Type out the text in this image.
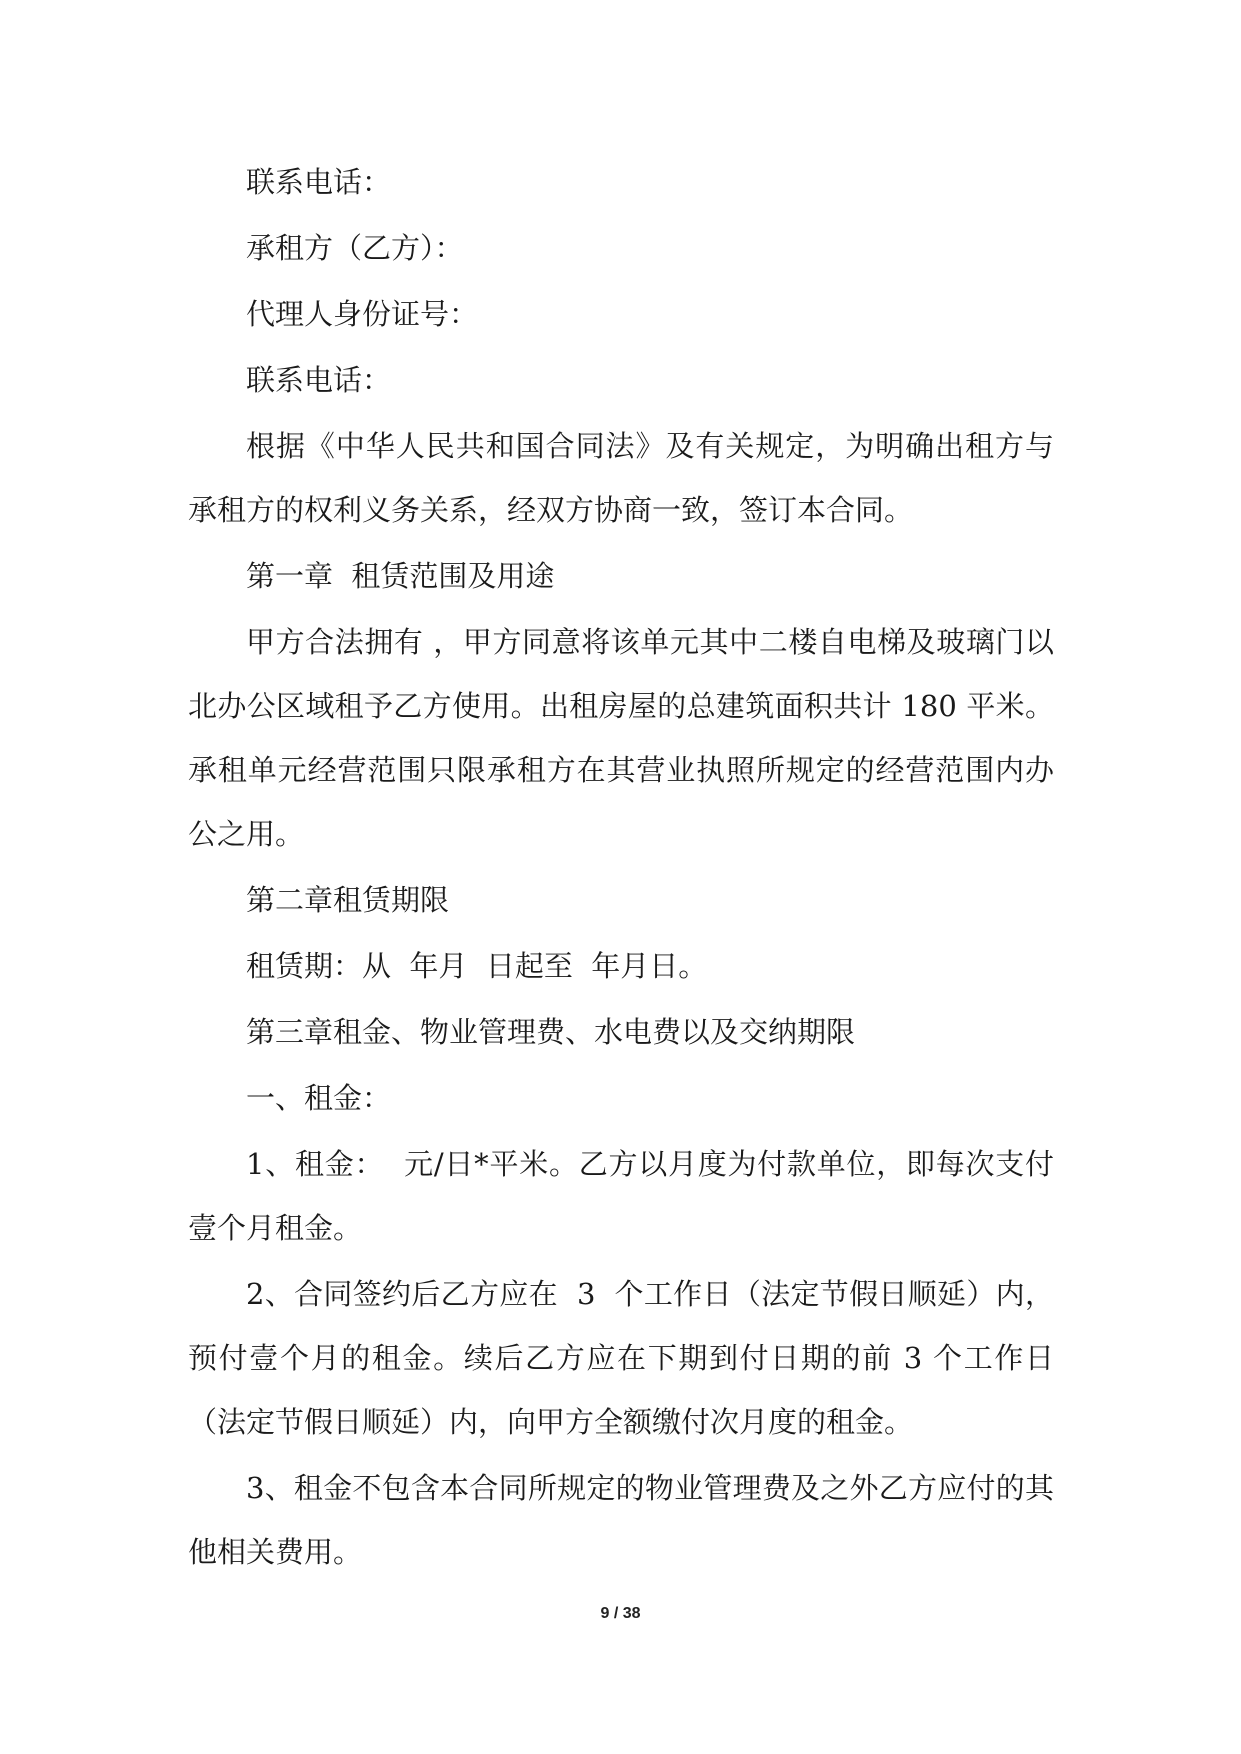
联系电话：

承租方（乙方）：

代理人身份证号：

联系电话：

根据《中华人民共和国合同法》及有关规定，为明确出租方与承租方的权利义务关系，经双方协商一致，签订本合同。

第一章  租赁范围及用途

甲方合法拥有 ，甲方同意将该单元其中二楼自电梯及玻璃门以北办公区域租予乙方使用。出租房屋的总建筑面积共计 180 平米。承租单元经营范围只限承租方在其营业执照所规定的经营范围内办公之用。

第二章租赁期限

租赁期：从  年月  日起至  年月日。

第三章租金、物业管理费、水电费以及交纳期限

一、租金：

1、租金：  元/日*平米。乙方以月度为付款单位，即每次支付壹个月租金。

2、合同签约后乙方应在  3  个工作日（法定节假日顺延）内，预付壹个月的租金。续后乙方应在下期到付日期的前 3 个工作日（法定节假日顺延）内，向甲方全额缴付次月度的租金。

3、租金不包含本合同所规定的物业管理费及之外乙方应付的其他相关费用。

9 / 38
